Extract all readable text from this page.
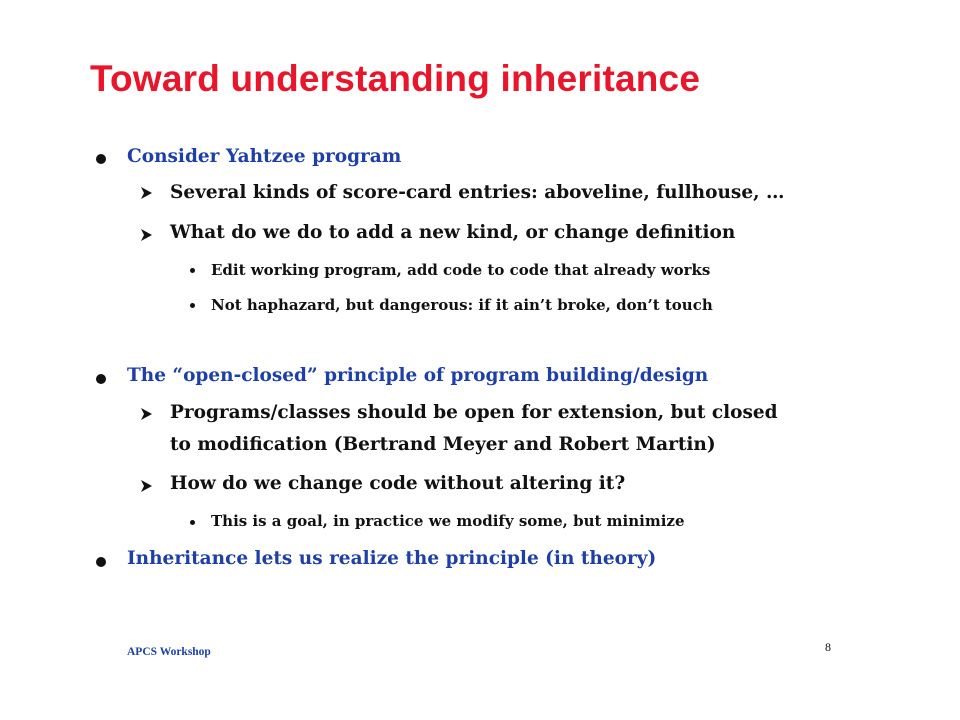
Toward understanding inheritance
Consider Yahtzee program
Several kinds of score-card entries: aboveline, fullhouse, …
What do we do to add a new kind, or change definition
Edit working program, add code to code that already works
Not haphazard, but dangerous: if it ain’t broke, don’t touch
The “open-closed” principle of program building/design
Programs/classes should be open for extension, but closed
to modification (Bertrand Meyer and Robert Martin)
How do we change code without altering it?
This is a goal, in practice we modify some, but minimize
Inheritance lets us realize the principle (in theory)
APCS Workshop	8
